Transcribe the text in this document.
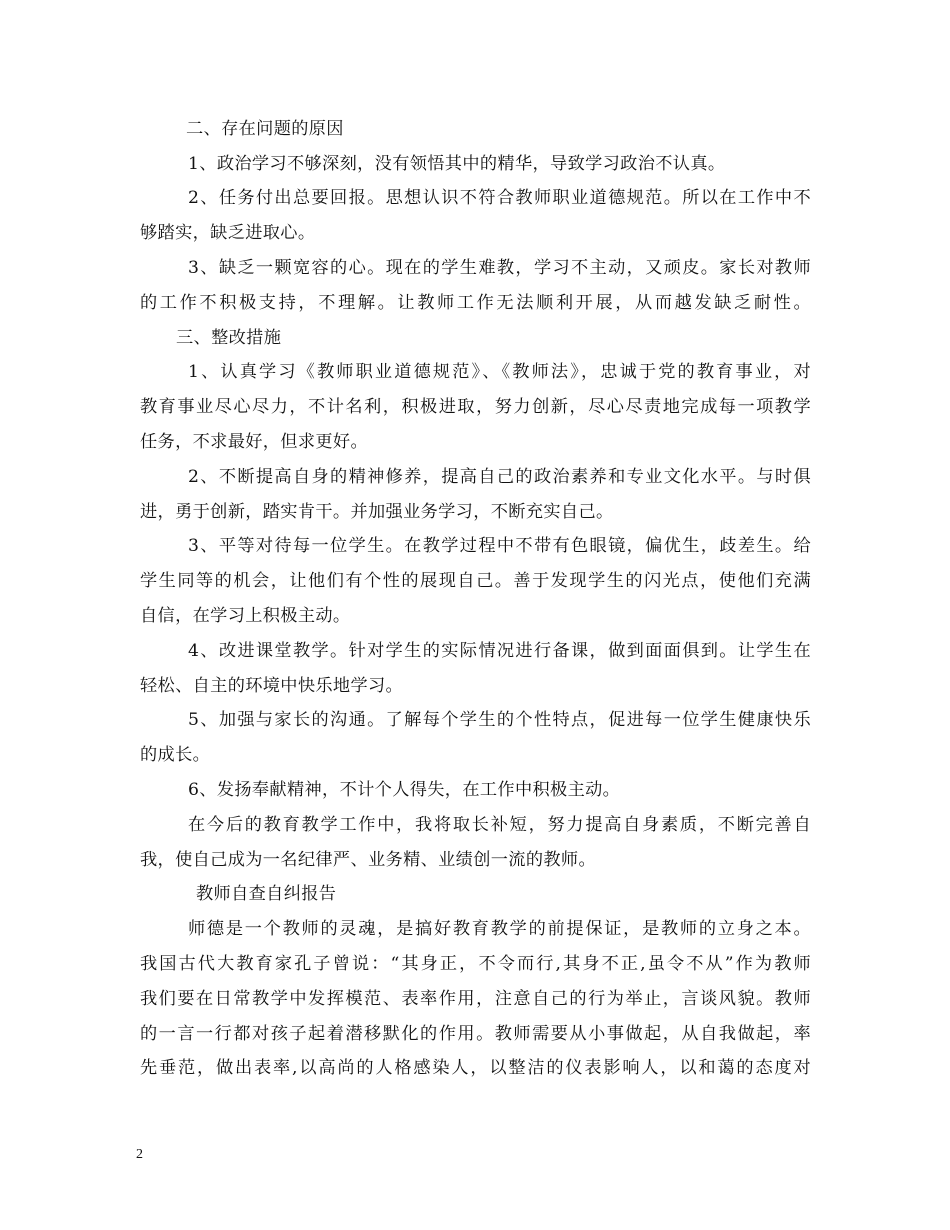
二、存在问题的原因
1、政治学习不够深刻，没有领悟其中的精华，导致学习政治不认真。
2、任务付出总要回报。思想认识不符合教师职业道德规范。所以在工作中不
够踏实，缺乏进取心。
3、缺乏一颗宽容的心。现在的学生难教，学习不主动，又顽皮。家长对教师
的工作不积极支持，不理解。让教师工作无法顺利开展，从而越发缺乏耐性。
三、整改措施
1、认真学习《教师职业道德规范》、《教师法》，忠诚于党的教育事业，对
教育事业尽心尽力，不计名利，积极进取，努力创新，尽心尽责地完成每一项教学
任务，不求最好，但求更好。
2、不断提高自身的精神修养，提高自己的政治素养和专业文化水平。与时俱
进，勇于创新，踏实肯干。并加强业务学习，不断充实自己。
3、平等对待每一位学生。在教学过程中不带有色眼镜，偏优生，歧差生。给
学生同等的机会，让他们有个性的展现自己。善于发现学生的闪光点，使他们充满
自信，在学习上积极主动。
4、改进课堂教学。针对学生的实际情况进行备课，做到面面俱到。让学生在
轻松、自主的环境中快乐地学习。
5、加强与家长的沟通。了解每个学生的个性特点，促进每一位学生健康快乐
的成长。
6、发扬奉献精神，不计个人得失，在工作中积极主动。
在今后的教育教学工作中，我将取长补短，努力提高自身素质，不断完善自
我，使自己成为一名纪律严、业务精、业绩创一流的教师。
教师自查自纠报告
师德是一个教师的灵魂，是搞好教育教学的前提保证，是教师的立身之本。
我国古代大教育家孔子曾说：“其身正，不令而行,其身不正,虽令不从”作为教师
我们要在日常教学中发挥模范、表率作用，注意自己的行为举止，言谈风貌。教师
的一言一行都对孩子起着潜移默化的作用。教师需要从小事做起，从自我做起，率
先垂范，做出表率,以高尚的人格感染人，以整洁的仪表影响人，以和蔼的态度对
2
